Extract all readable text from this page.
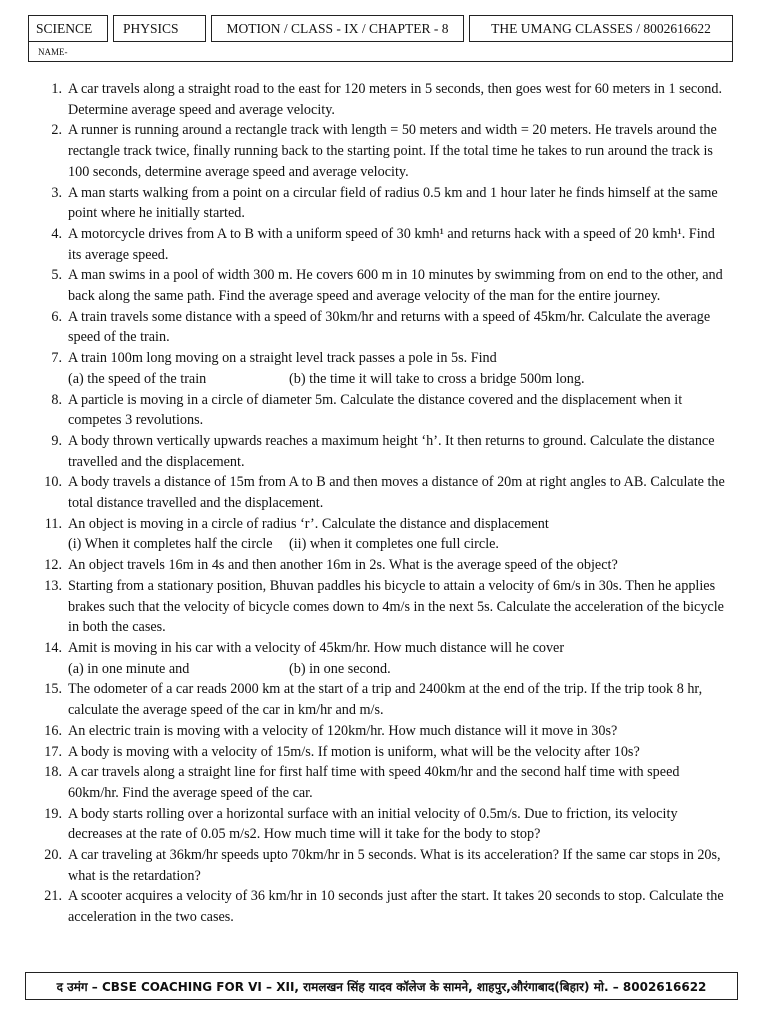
SCIENCE	PHYSICS	MOTION / CLASS - IX / CHAPTER - 8	THE UMANG CLASSES / 8002616622
NAME-
1. A car travels along a straight road to the east for 120 meters in 5 seconds, then goes west for 60 meters in 1 second. Determine average speed and average velocity.
2. A runner is running around a rectangle track with length = 50 meters and width = 20 meters. He travels around the rectangle track twice, finally running back to the starting point. If the total time he takes to run around the track is 100 seconds, determine average speed and average velocity.
3. A man starts walking from a point on a circular field of radius 0.5 km and 1 hour later he finds himself at the same point where he initially started.
4. A motorcycle drives from A to B with a uniform speed of 30 kmh¹ and returns hack with a speed of 20 kmh¹. Find its average speed.
5. A man swims in a pool of width 300 m. He covers 600 m in 10 minutes by swimming from on end to the other, and back along the same path. Find the average speed and average velocity of the man for the entire journey.
6. A train travels some distance with a speed of 30km/hr and returns with a speed of 45km/hr. Calculate the average speed of the train.
7. A train 100m long moving on a straight level track passes a pole in 5s. Find
(a) the speed of the train	(b) the time it will take to cross a bridge 500m long.
8. A particle is moving in a circle of diameter 5m. Calculate the distance covered and the displacement when it competes 3 revolutions.
9. A body thrown vertically upwards reaches a maximum height ‘h’. It then returns to ground. Calculate the distance travelled and the displacement.
10. A body travels a distance of 15m from A to B and then moves a distance of 20m at right angles to AB. Calculate the total distance travelled and the displacement.
11. An object is moving in a circle of radius ‘r’. Calculate the distance and displacement
(i) When it completes half the circle	(ii) when it completes one full circle.
12. An object travels 16m in 4s and then another 16m in 2s. What is the average speed of the object?
13. Starting from a stationary position, Bhuvan paddles his bicycle to attain a velocity of 6m/s in 30s. Then he applies brakes such that the velocity of bicycle comes down to 4m/s in the next 5s. Calculate the acceleration of the bicycle in both the cases.
14. Amit is moving in his car with a velocity of 45km/hr. How much distance will he cover
(a) in one minute and	(b) in one second.
15. The odometer of a car reads 2000 km at the start of a trip and 2400km at the end of the trip. If the trip took 8 hr, calculate the average speed of the car in km/hr and m/s.
16. An electric train is moving with a velocity of 120km/hr. How much distance will it move in 30s?
17. A body is moving with a velocity of 15m/s. If motion is uniform, what will be the velocity after 10s?
18. A car travels along a straight line for first half time with speed 40km/hr and the second half time with speed 60km/hr. Find the average speed of the car.
19. A body starts rolling over a horizontal surface with an initial velocity of 0.5m/s. Due to friction, its velocity decreases at the rate of 0.05 m/s2. How much time will it take for the body to stop?
20. A car traveling at 36km/hr speeds upto 70km/hr in 5 seconds. What is its acceleration? If the same car stops in 20s, what is the retardation?
21. A scooter acquires a velocity of 36 km/hr in 10 seconds just after the start. It takes 20 seconds to stop. Calculate the acceleration in the two cases.
द उमंग – CBSE COACHING FOR VI – XII, रामलखन सिंह यादव कॉलेज के सामने, शाहपुर,औरंगाबाद(बिहार) मो. – 8002616622
